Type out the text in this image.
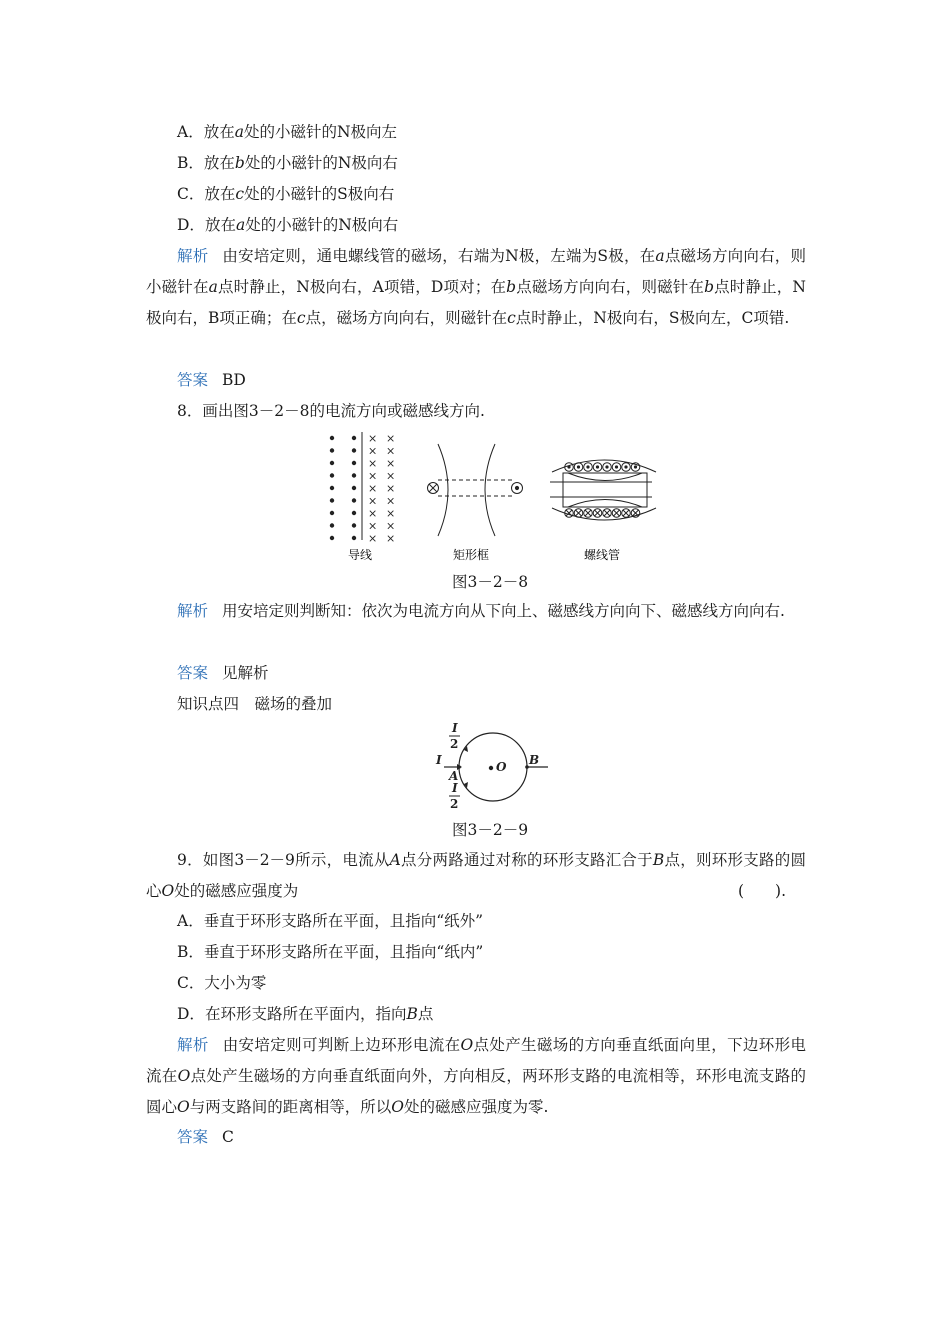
A．放在a处的小磁针的N极向左
B．放在b处的小磁针的N极向右
C．放在c处的小磁针的S极向右
D．放在a处的小磁针的N极向右
解析 由安培定则，通电螺线管的磁场，右端为N极，左端为S极，在a点磁场方向向右，则小磁针在a点时静止，N极向右，A项错，D项对；在b点磁场方向向右，则磁针在b点时静止，N极向右，B项正确；在c点，磁场方向向右，则磁针在c点时静止，N极向右，S极向左，C项错.
答案 BD
8．画出图3－2－8的电流方向或磁感线方向.
× ×
× ×
× ×
× ×
× ×
× ×
× ×
× ×
× ×
导线	矩形框	螺线管
图3－2－8
解析 用安培定则判断知：依次为电流方向从下向上、磁感线方向向下、磁感线方向向右.
答案 见解析
知识点四　磁场的叠加
I
2
I
A
I
2
O B
图3－2－9
9．如图3－2－9所示，电流从A点分两路通过对称的环形支路汇合于B点，则环形支路的圆心O处的磁感应强度为	(　　).
A．垂直于环形支路所在平面，且指向“纸外”
B．垂直于环形支路所在平面，且指向“纸内”
C．大小为零
D．在环形支路所在平面内，指向B点
解析 由安培定则可判断上边环形电流在O点处产生磁场的方向垂直纸面向里，下边环形电流在O点处产生磁场的方向垂直纸面向外，方向相反，两环形支路的电流相等，环形电流支路的圆心O与两支路间的距离相等，所以O处的磁感应强度为零.
答案 C
